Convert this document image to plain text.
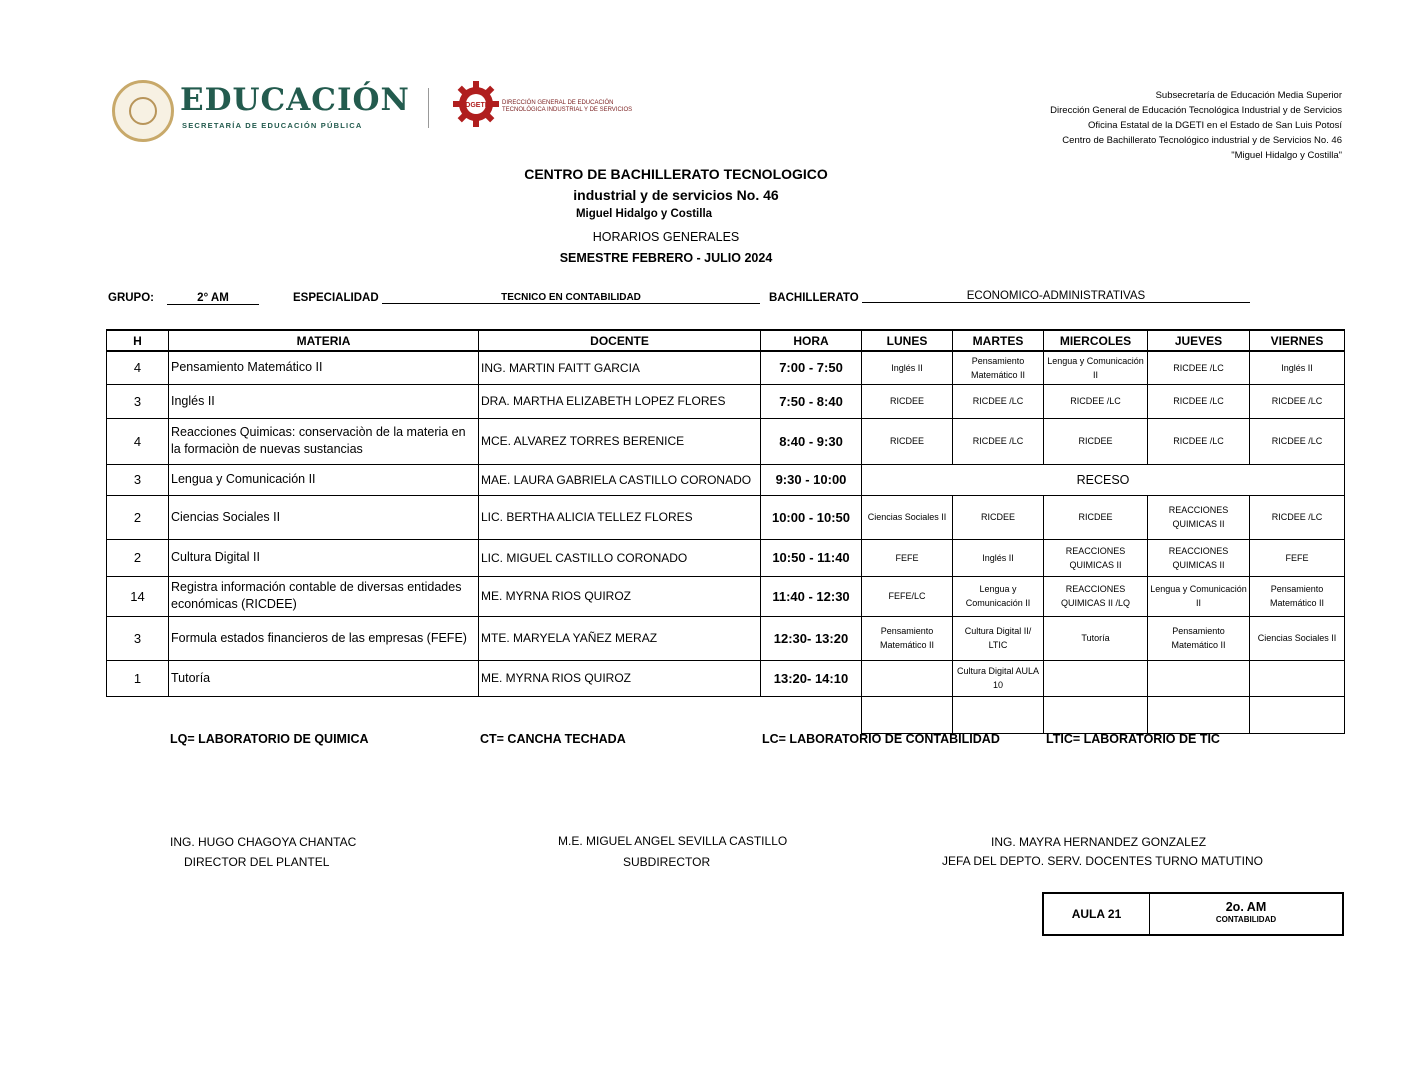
EDUCACIÓN
SECRETARÍA DE EDUCACIÓN PÚBLICA
DGETI	DIRECCIÓN GENERAL DE EDUCACIÓN
TECNOLÓGICA INDUSTRIAL Y DE SERVICIOS
Subsecretaría de Educación Media Superior
Dirección General de Educación Tecnológica Industrial y de Servicios
Oficina Estatal de la DGETI en el Estado de San Luis Potosí
Centro de Bachillerato Tecnológico industrial y de Servicios No. 46
"Miguel Hidalgo y Costilla"
CENTRO DE BACHILLERATO TECNOLOGICO
industrial y de servicios No. 46
Miguel Hidalgo y Costilla
HORARIOS GENERALES
SEMESTRE FEBRERO - JULIO 2024
GRUPO:	2° AM	ESPECIALIDAD	TECNICO EN CONTABILIDAD	BACHILLERATO	ECONOMICO-ADMINISTRATIVAS
H	MATERIA	DOCENTE	HORA	LUNES	MARTES	MIERCOLES	JUEVES	VIERNES
4	Pensamiento Matemático II	ING. MARTIN FAITT GARCIA	7:00 - 7:50	Inglés II	Pensamiento Matemático II	Lengua y Comunicación II	RICDEE /LC	Inglés II
3	Inglés II	DRA. MARTHA ELIZABETH LOPEZ FLORES	7:50 - 8:40	RICDEE	RICDEE /LC	RICDEE /LC	RICDEE /LC	RICDEE /LC
4	Reacciones Quimicas: conservaciòn de la materia en la formaciòn de nuevas sustancias	MCE. ALVAREZ TORRES BERENICE	8:40 - 9:30	RICDEE	RICDEE /LC	RICDEE	RICDEE /LC	RICDEE /LC
3	Lengua y Comunicación II	MAE. LAURA GABRIELA CASTILLO CORONADO	9:30 - 10:00	RECESO				
2	Ciencias Sociales II	LIC. BERTHA ALICIA TELLEZ FLORES	10:00 - 10:50	Ciencias Sociales II	RICDEE	RICDEE	REACCIONES QUIMICAS II	RICDEE /LC
2	Cultura Digital II	LIC. MIGUEL CASTILLO CORONADO	10:50 - 11:40	FEFE	Inglés II	REACCIONES QUIMICAS II	REACCIONES QUIMICAS II	FEFE
14	Registra información contable de diversas entidades económicas (RICDEE)	ME. MYRNA RIOS QUIROZ	11:40 - 12:30	FEFE/LC	Lengua y Comunicación II	REACCIONES QUIMICAS II /LQ	Lengua y Comunicación II	Pensamiento Matemático II
3	Formula estados financieros de las empresas (FEFE)	MTE. MARYELA YAÑEZ MERAZ	12:30- 13:20	Pensamiento Matemático II	Cultura Digital II/ LTIC	Tutoría	Pensamiento Matemático II	Ciencias Sociales II
1	Tutoría	ME. MYRNA RIOS QUIROZ	13:20- 14:10		Cultura Digital AULA 10			

LQ= LABORATORIO DE QUIMICA	CT= CANCHA TECHADA	LC= LABORATORIO DE CONTABILIDAD	LTIC= LABORATORIO DE TIC
ING. HUGO CHAGOYA CHANTAC
DIRECTOR DEL PLANTEL
M.E. MIGUEL ANGEL SEVILLA CASTILLO
SUBDIRECTOR
ING. MAYRA HERNANDEZ GONZALEZ
JEFA DEL DEPTO. SERV. DOCENTES TURNO MATUTINO
AULA 21	2o. AM
CONTABILIDAD
